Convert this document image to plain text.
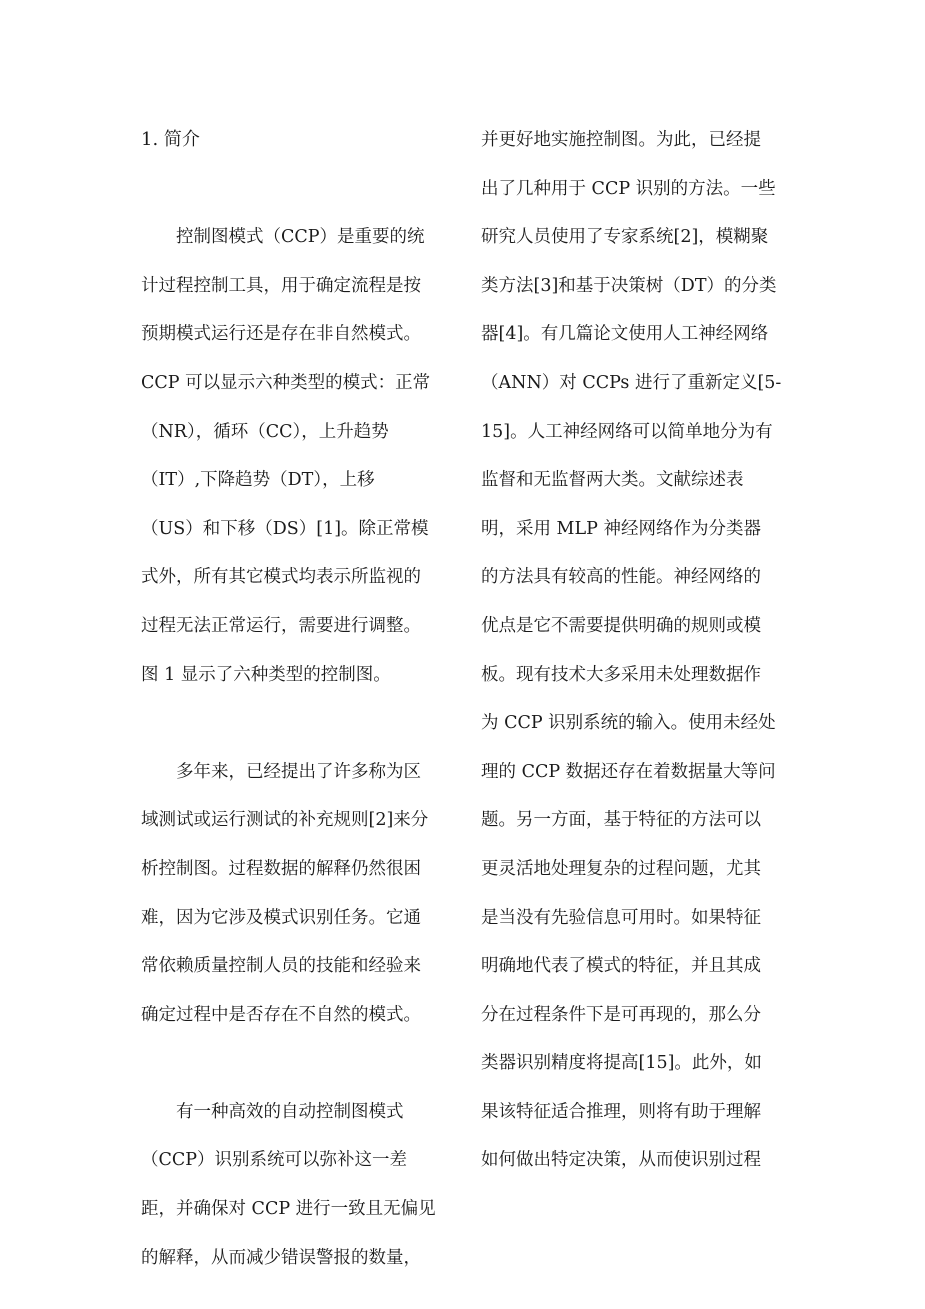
1. 简介
　　控制图模式（CCP）是重要的统
计过程控制工具，用于确定流程是按
预期模式运行还是存在非自然模式。
CCP 可以显示六种类型的模式：正常
（NR），循环（CC），上升趋势
（IT）,下降趋势（DT），上移
（US）和下移（DS）[1]。除正常模
式外，所有其它模式均表示所监视的
过程无法正常运行，需要进行调整。
图 1 显示了六种类型的控制图。
　　多年来，已经提出了许多称为区
域测试或运行测试的补充规则[2]来分
析控制图。过程数据的解释仍然很困
难，因为它涉及模式识别任务。它通
常依赖质量控制人员的技能和经验来
确定过程中是否存在不自然的模式。
　　有一种高效的自动控制图模式
（CCP）识别系统可以弥补这一差
距，并确保对 CCP 进行一致且无偏见
的解释，从而减少错误警报的数量，
并更好地实施控制图。为此，已经提
出了几种用于 CCP 识别的方法。一些
研究人员使用了专家系统[2]，模糊聚
类方法[3]和基于决策树（DT）的分类
器[4]。有几篇论文使用人工神经网络
（ANN）对 CCPs 进行了重新定义[5-
15]。人工神经网络可以简单地分为有
监督和无监督两大类。文献综述表
明，采用 MLP 神经网络作为分类器
的方法具有较高的性能。神经网络的
优点是它不需要提供明确的规则或模
板。现有技术大多采用未处理数据作
为 CCP 识别系统的输入。使用未经处
理的 CCP 数据还存在着数据量大等问
题。另一方面，基于特征的方法可以
更灵活地处理复杂的过程问题，尤其
是当没有先验信息可用时。如果特征
明确地代表了模式的特征，并且其成
分在过程条件下是可再现的，那么分
类器识别精度将提高[15]。此外，如
果该特征适合推理，则将有助于理解
如何做出特定决策，从而使识别过程
